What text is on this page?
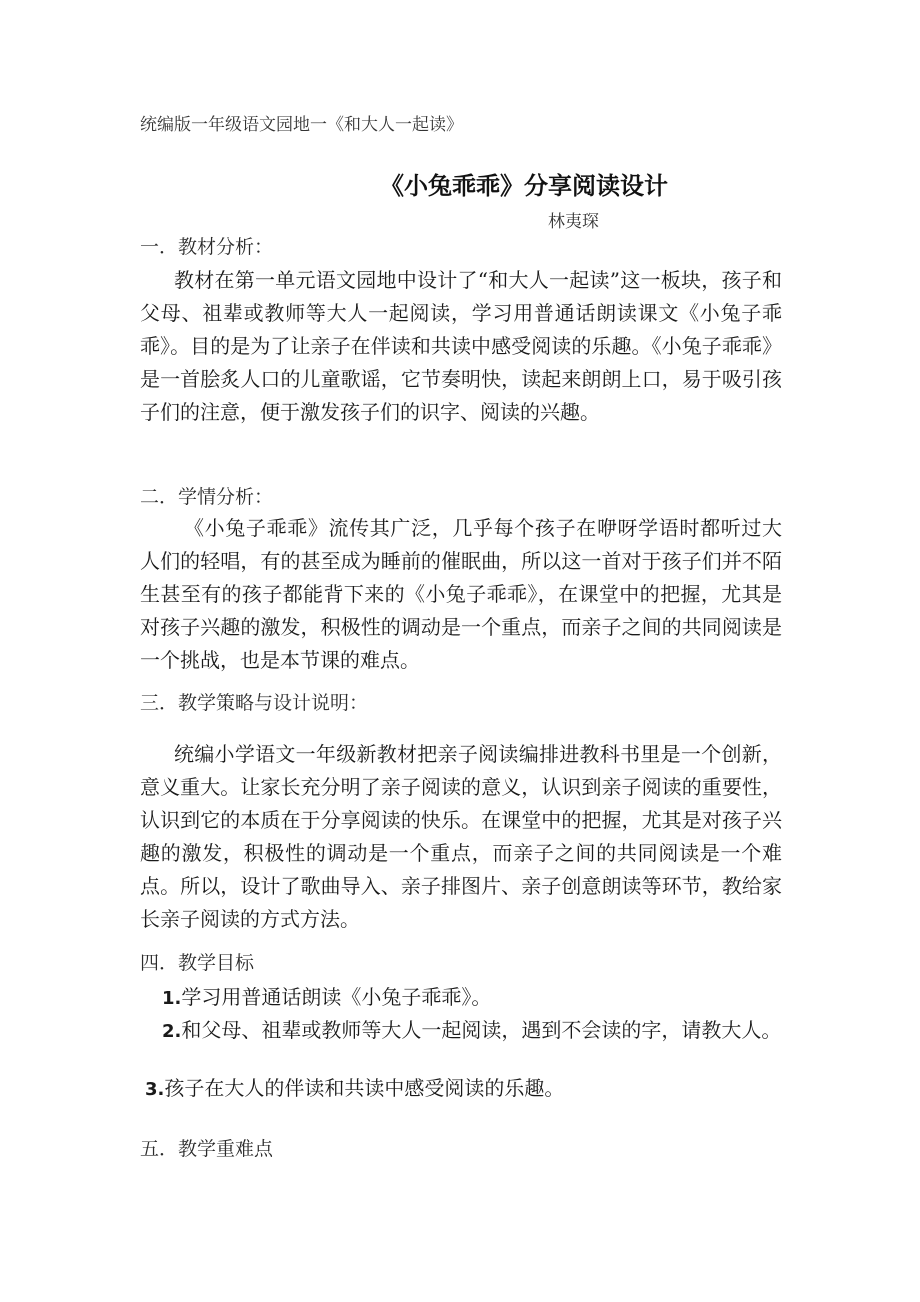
统编版一年级语文园地一《和大人一起读》

《小兔乖乖》分享阅读设计

林夷琛

一．教材分析：

教材在第一单元语文园地中设计了“和大人一起读”这一板块，孩子和父母、祖辈或教师等大人一起阅读，学习用普通话朗读课文《小兔子乖乖》。目的是为了让亲子在伴读和共读中感受阅读的乐趣。《小兔子乖乖》是一首脍炙人口的儿童歌谣，它节奏明快，读起来朗朗上口，易于吸引孩子们的注意，便于激发孩子们的识字、阅读的兴趣。

二．学情分析：

《小兔子乖乖》流传其广泛，几乎每个孩子在咿呀学语时都听过大人们的轻唱，有的甚至成为睡前的催眠曲，所以这一首对于孩子们并不陌生甚至有的孩子都能背下来的《小兔子乖乖》，在课堂中的把握，尤其是对孩子兴趣的激发，积极性的调动是一个重点，而亲子之间的共同阅读是一个挑战，也是本节课的难点。

三．教学策略与设计说明：

统编小学语文一年级新教材把亲子阅读编排进教科书里是一个创新，意义重大。让家长充分明了亲子阅读的意义，认识到亲子阅读的重要性，认识到它的本质在于分享阅读的快乐。在课堂中的把握，尤其是对孩子兴趣的激发，积极性的调动是一个重点，而亲子之间的共同阅读是一个难点。所以，设计了歌曲导入、亲子排图片、亲子创意朗读等环节，教给家长亲子阅读的方式方法。

四．教学目标
1.学习用普通话朗读《小兔子乖乖》。
2.和父母、祖辈或教师等大人一起阅读，遇到不会读的字，请教大人。
3.孩子在大人的伴读和共读中感受阅读的乐趣。
五．教学重难点
